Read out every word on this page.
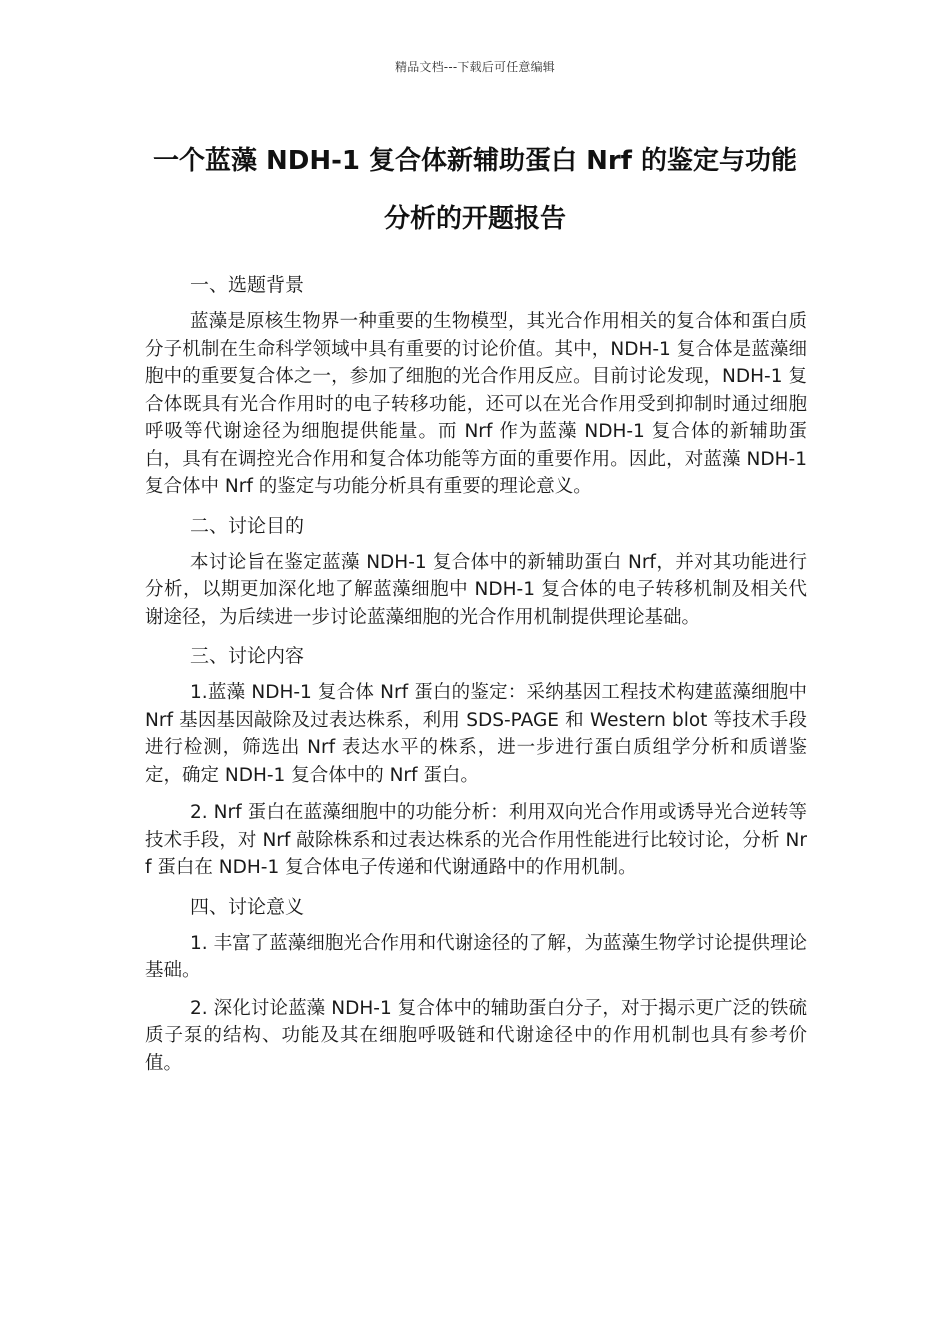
精品文档---下载后可任意编辑
一个蓝藻 NDH-1 复合体新辅助蛋白 Nrf 的鉴定与功能分析的开题报告
一、选题背景

蓝藻是原核生物界一种重要的生物模型，其光合作用相关的复合体和蛋白质分子机制在生命科学领域中具有重要的讨论价值。其中，NDH-1 复合体是蓝藻细胞中的重要复合体之一，参加了细胞的光合作用反应。目前讨论发现，NDH-1 复合体既具有光合作用时的电子转移功能，还可以在光合作用受到抑制时通过细胞呼吸等代谢途径为细胞提供能量。而 Nrf 作为蓝藻 NDH-1 复合体的新辅助蛋白，具有在调控光合作用和复合体功能等方面的重要作用。因此，对蓝藻 NDH-1 复合体中 Nrf 的鉴定与功能分析具有重要的理论意义。

二、讨论目的

本讨论旨在鉴定蓝藻 NDH-1 复合体中的新辅助蛋白 Nrf，并对其功能进行分析，以期更加深化地了解蓝藻细胞中 NDH-1 复合体的电子转移机制及相关代谢途径，为后续进一步讨论蓝藻细胞的光合作用机制提供理论基础。

三、讨论内容

1.蓝藻 NDH-1 复合体 Nrf 蛋白的鉴定：采纳基因工程技术构建蓝藻细胞中 Nrf 基因基因敲除及过表达株系，利用 SDS-PAGE 和 Western blot 等技术手段进行检测，筛选出 Nrf 表达水平的株系，进一步进行蛋白质组学分析和质谱鉴定，确定 NDH-1 复合体中的 Nrf 蛋白。

2. Nrf 蛋白在蓝藻细胞中的功能分析：利用双向光合作用或诱导光合逆转等技术手段，对 Nrf 敲除株系和过表达株系的光合作用性能进行比较讨论，分析 Nrf 蛋白在 NDH-1 复合体电子传递和代谢通路中的作用机制。

四、讨论意义

1. 丰富了蓝藻细胞光合作用和代谢途径的了解，为蓝藻生物学讨论提供理论基础。

2. 深化讨论蓝藻 NDH-1 复合体中的辅助蛋白分子，对于揭示更广泛的铁硫质子泵的结构、功能及其在细胞呼吸链和代谢途径中的作用机制也具有参考价值。
